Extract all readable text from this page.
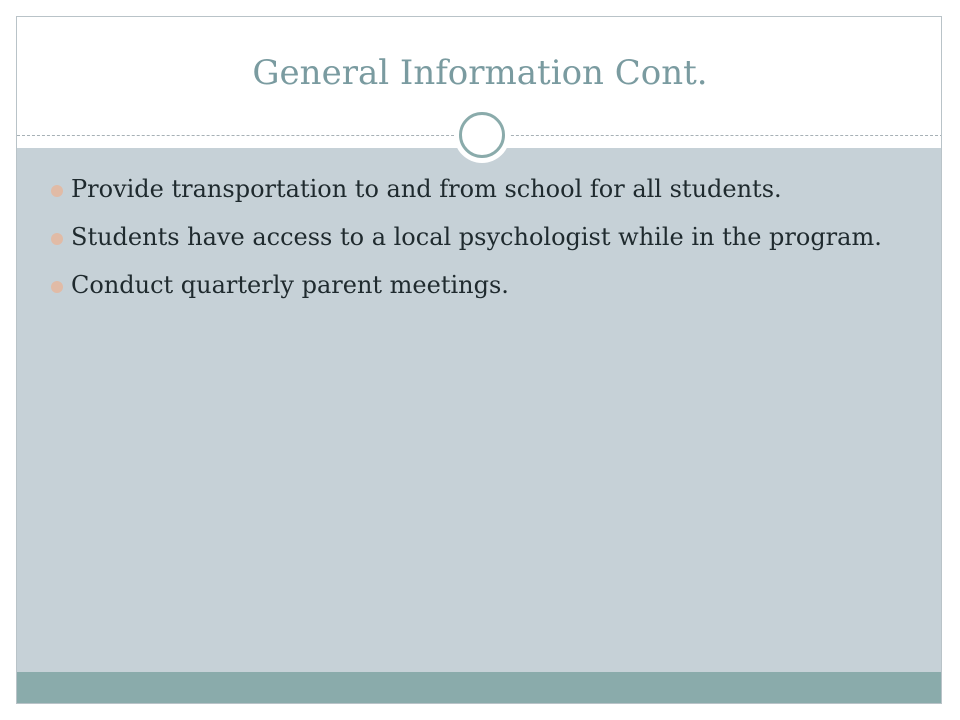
General Information Cont.
Provide transportation to and from school for all students.
Students have access to a local psychologist while in the program.
Conduct quarterly parent meetings.
